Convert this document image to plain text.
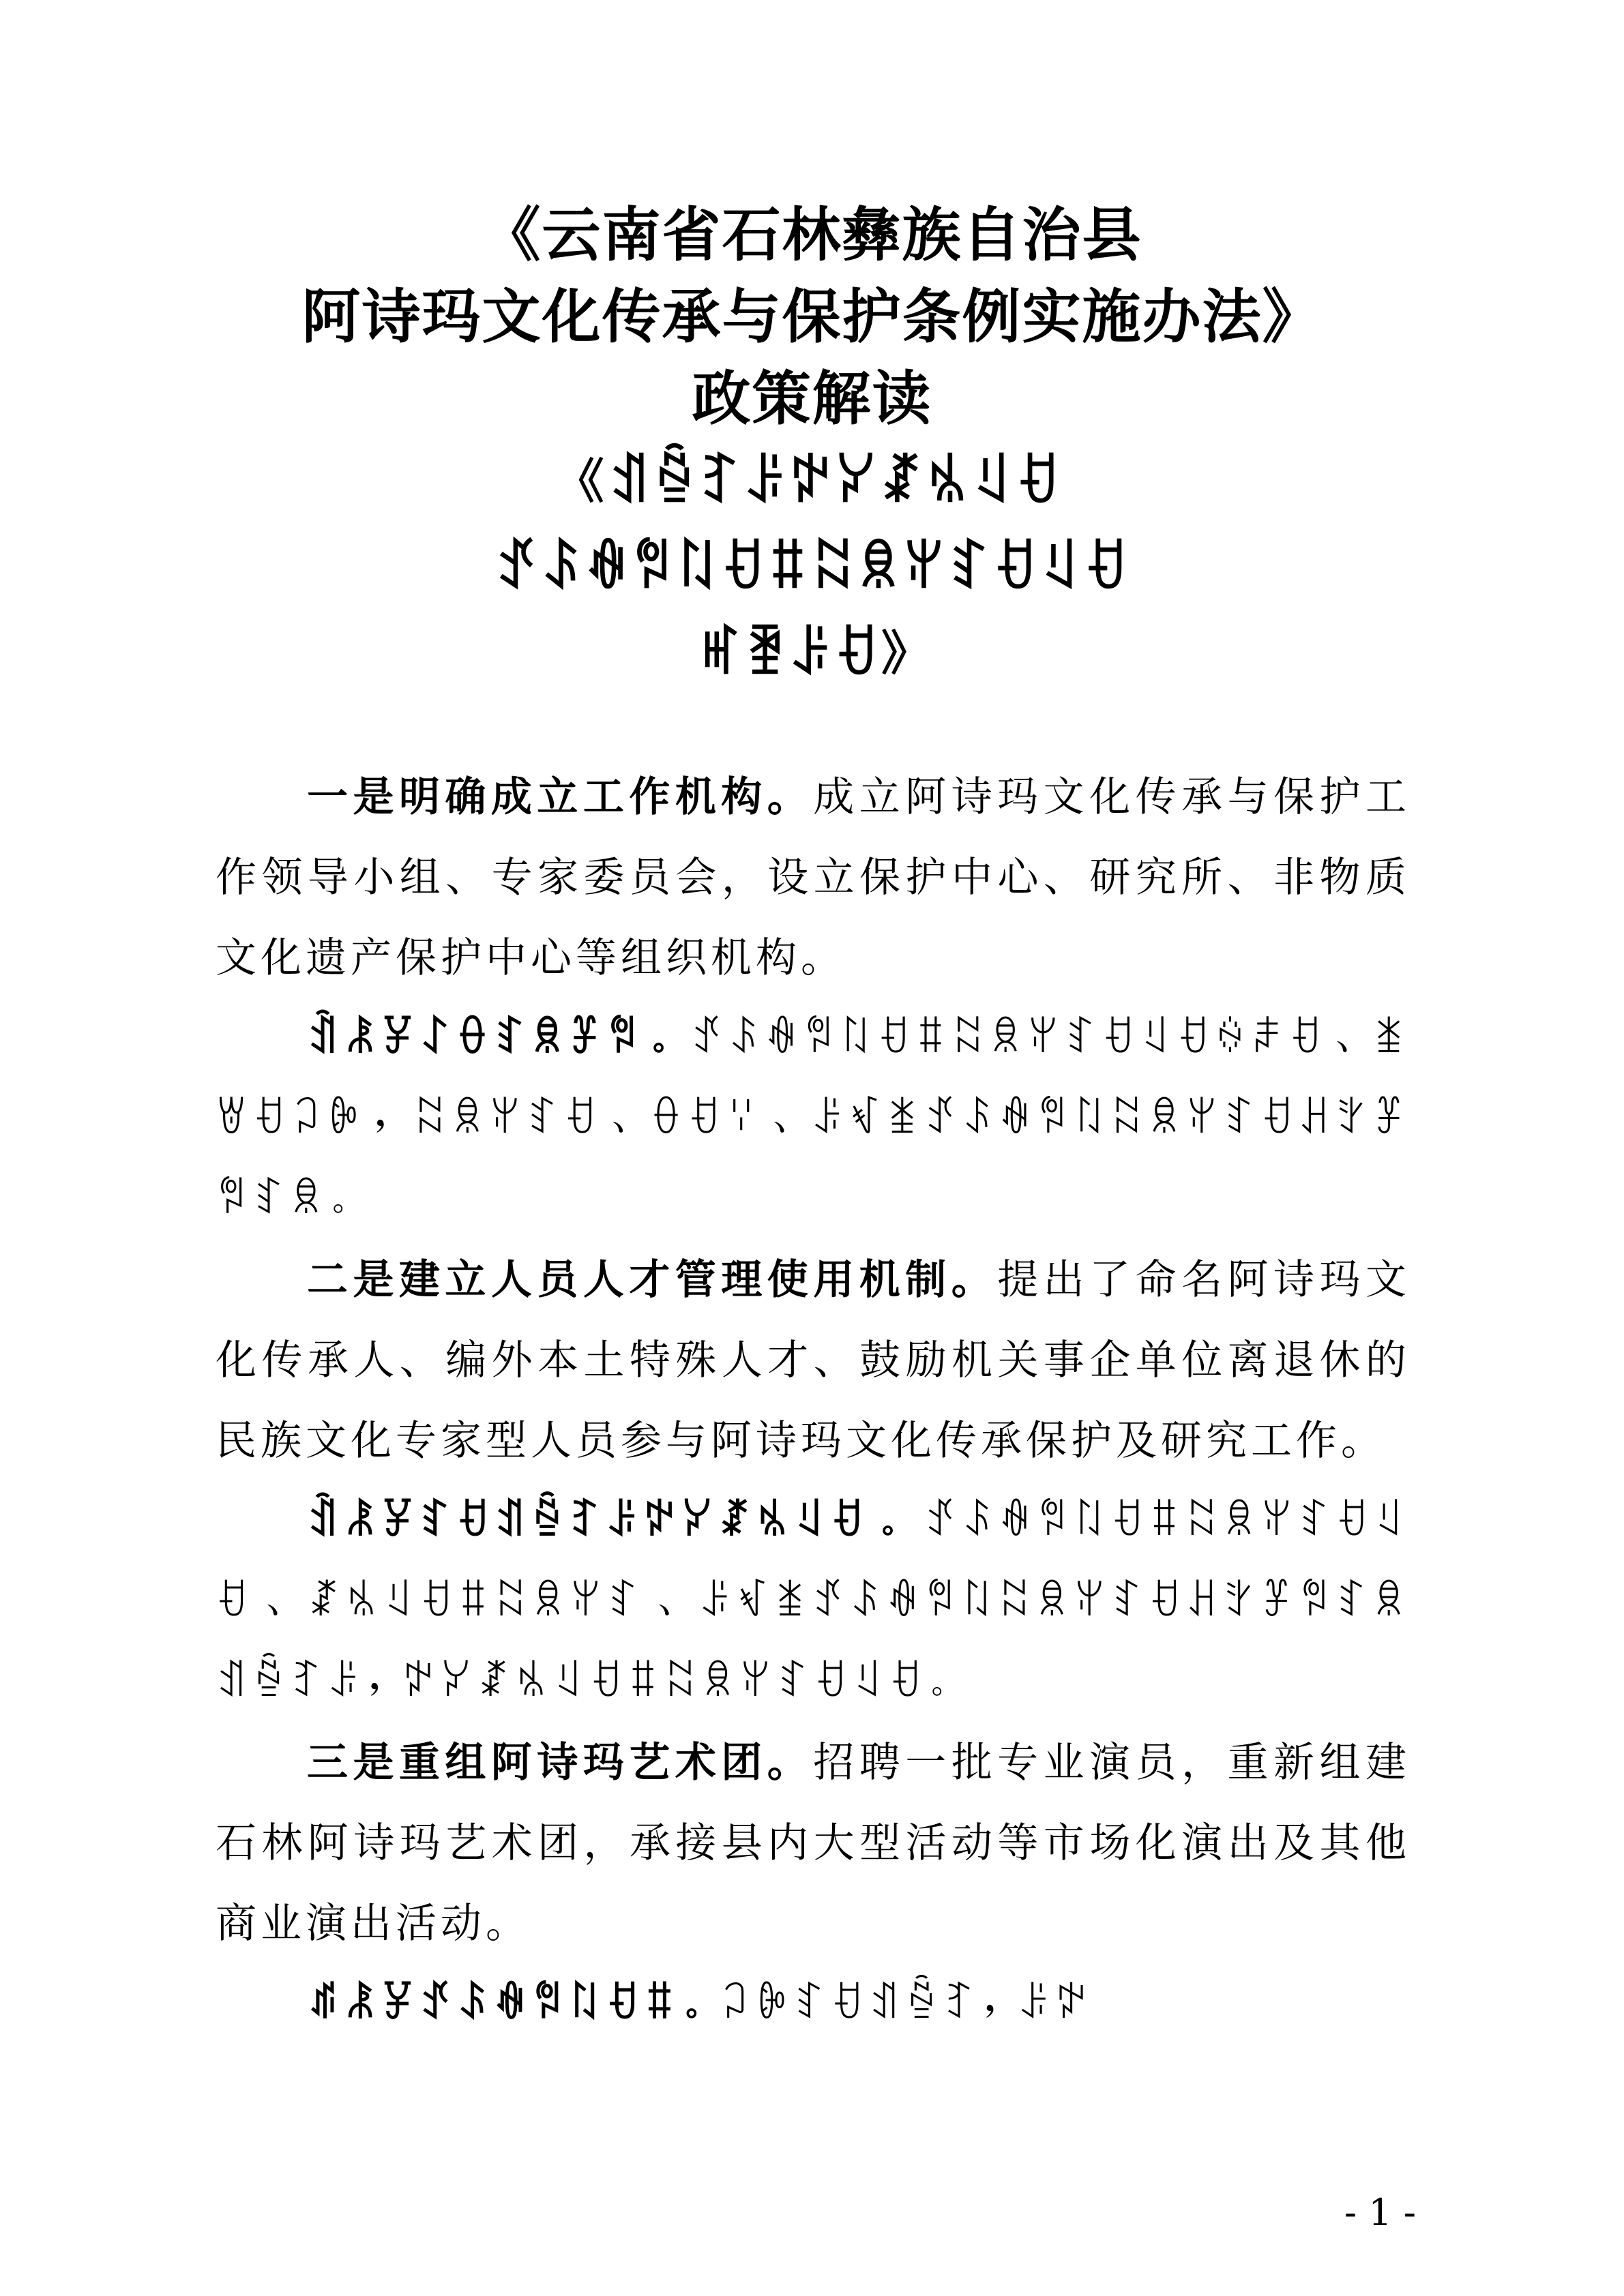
《云南省石林彝族自治县
阿诗玛文化传承与保护条例实施办法》
政策解读
《ꀊꁩꆈꌠꉢꐔꊨꁱꆹꀀ
ꀋꌺꊿꅝꇁꀀꐚꉆꌋꅍꆏꀀꆹꀀ
ꎭꄿꌠꀀ》

一是明确成立工作机构。成立阿诗玛文化传承与保护工作领导小组、专家委员会，设立保护中心、研究所、非物质文化遗产保护中心等组织机构。

ꀉꂿꐯꋍꂷꆏꌋꐞꅝ。ꀋꌺꊿꅝꇁꀀꐚꉆꌋꅍꆏꀀꆹꀀꍈꌧꀀ、ꁧꇐꀀꃀꐊ，ꉆꌋꅍꆏꀀ、ꂷꀀꈌ、ꌠꃴꁧꀋꌺꊿꅝꇁꉆꌋꅍꆏꀀꃅꇬꐞꅝꆏꌋ。

二是建立人员人才管理使用机制。提出了命名阿诗玛文化传承人、编外本土特殊人才、鼓励机关事企单位离退休的民族文化专家型人员参与阿诗玛文化传承保护及研究工作。

ꀉꂿꐯꆏꀀꀊꁩꆈꌠꉢꐔꊨꁱꆹꀀ。ꀋꌺꊿꅝꇁꀀꐚꉆꌋꅍꆏꀀꆹꀀ、ꊨꁱꆹꀀꐚꉆꌋꅍꆏ、ꌠꃴꁧꀋꌺꊿꅝꇁꉆꌋꅍꆏꀀꃅꇬꐞꅝꆏꌋꀊꁩꆈꌠ，ꉢꐔꊨꁱꆹꀀꐚꉆꌋꅍꆏꀀꆹꀀ。

三是重组阿诗玛艺术团。招聘一批专业演员，重新组建石林阿诗玛艺术团，承接县内大型活动等市场化演出及其他商业演出活动。

ꁮꂿꐯꀋꌺꊿꅝꇁꀀꐚ。ꃀꐊꆏꀀꀊꁩꆈ，ꌠꉢ

- 1 -
